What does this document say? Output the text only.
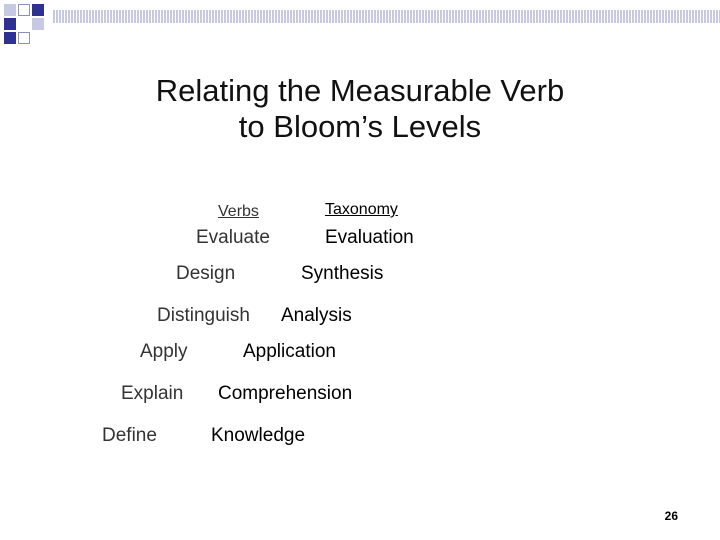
Relating the Measurable Verb
to Bloom’s Levels
Verbs	Taxonomy
Evaluate	Evaluation
Design	Synthesis
Distinguish Analysis
Apply	Application
Explain Comprehension
Define	Knowledge
26
